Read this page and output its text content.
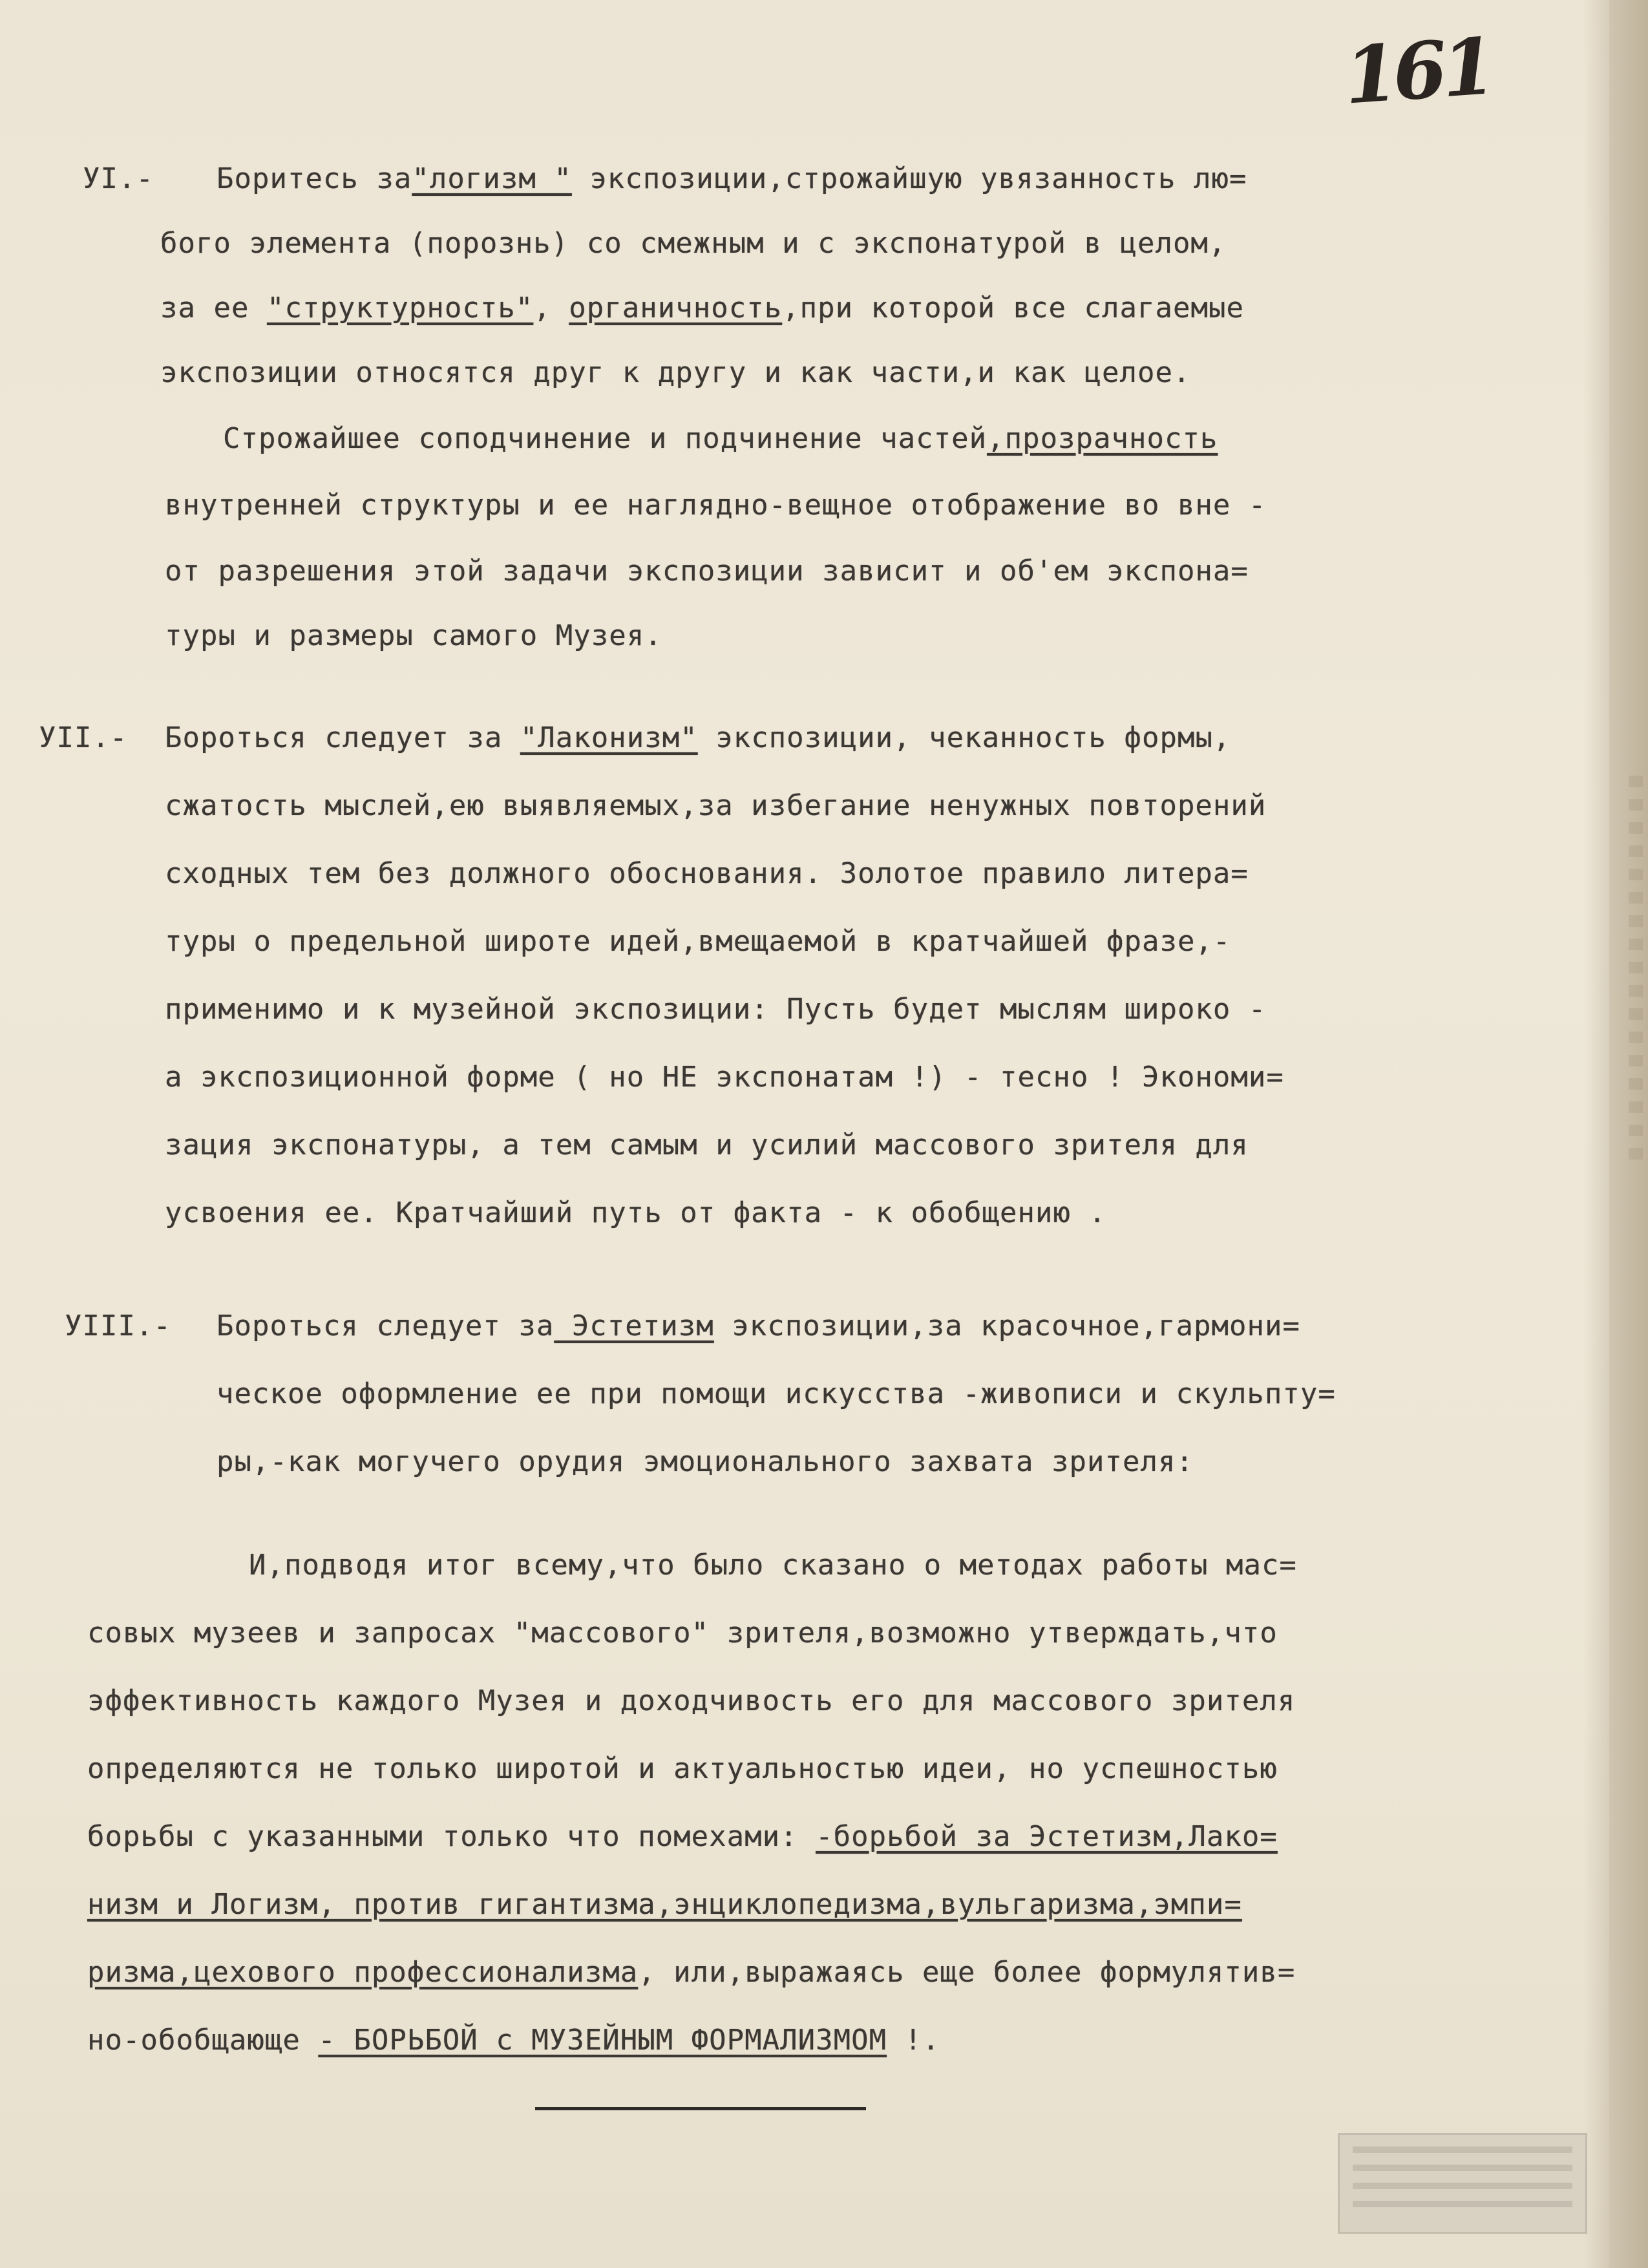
161
УI.- Боритесь за"логизм " экспозиции,строжайшую увязанность лю=
бого элемента (порознь) со смежным и с экспонатурой в целом,
за ее "структурность", органичность,при которой все слагаемые
экспозиции относятся друг к другу и как части,и как целое.
Строжайшее соподчинение и подчинение частей,прозрачность
внутренней структуры и ее наглядно-вещное отображение во вне -
от разрешения этой задачи экспозиции зависит и об'ем экспона=
туры и размеры самого Музея.
УII.- Бороться следует за "Лаконизм" экспозиции, чеканность формы,
сжатость мыслей,ею выявляемых,за избегание ненужных повторений
сходных тем без должного обоснования. Золотое правило литера=
туры о предельной широте идей,вмещаемой в кратчайшей фразе,-
применимо и к музейной экспозиции: Пусть будет мыслям широко -
а экспозиционной форме ( но НЕ экспонатам !) - тесно ! Экономи=
зация экспонатуры, а тем самым и усилий массового зрителя для
усвоения ее. Кратчайший путь от факта - к обобщению .
УIII.- Бороться следует за Эстетизм экспозиции,за красочное,гармони=
ческое оформление ее при помощи искусства -живописи и скульпту=
ры,-как могучего орудия эмоционального захвата зрителя:
И,подводя итог всему,что было сказано о методах работы мас=
совых музеев и запросах "массового" зрителя,возможно утверждать,что
эффективность каждого Музея и доходчивость его для массового зрителя
определяются не только широтой и актуальностью идеи, но успешностью
борьбы с указанными только что помехами: -борьбой за Эстетизм,Лако=
низм и Логизм, против гигантизма,энциклопедизма,вульгаризма,эмпи=
ризма,цехового профессионализма, или,выражаясь еще более формулятив=
но-обобщающе - БОРЬБОЙ с МУЗЕЙНЫМ ФОРМАЛИЗМОМ !.
